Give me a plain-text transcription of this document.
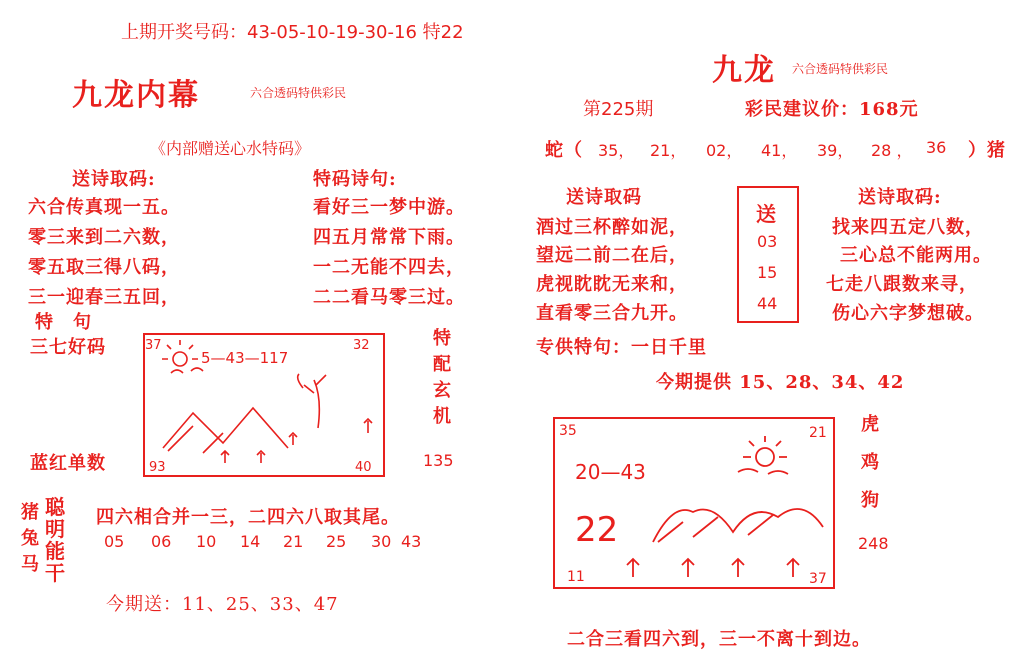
上期开奖号码：43-05-10-19-30-16 特22
九龙内幕	六合透码特供彩民
《内部赠送心水特码》
送诗取码:
六合传真现一五。
零三来到二六数，
零五取三得八码，
三一迎春三五回，
特码诗句:
看好三一梦中游。
四五月常常下雨。
一二无能不四去，
二二看马零三过。
特　句
三七好码	37	32
93	40
5—43—117
特
配
玄
机
蓝红单数	135
猪
兔
马
聪
明
能
干
四六相合并一三，二四六八取其尾。
05 06 10 14 21 25 30 43
今期送：11、25、33、47
九龙 六合透码特供彩民
第225期	彩民建议价：168元
蛇（ 35， 21， 02， 41， 39， 28 ， 36 ）猪
送诗取码
酒过三杯醉如泥，
望远二前二在后，
虎视眈眈无来和，
直看零三合九开。
送
03
15
44
送诗取码:
找来四五定八数，
三心总不能两用。
七走八跟数来寻，
伤心六字梦想破。
专供特句：一日千里
今期提供 15、28、34、42
35	21
11	37
20—43
22
虎
鸡
狗
248
二合三看四六到，三一不离十到边。
